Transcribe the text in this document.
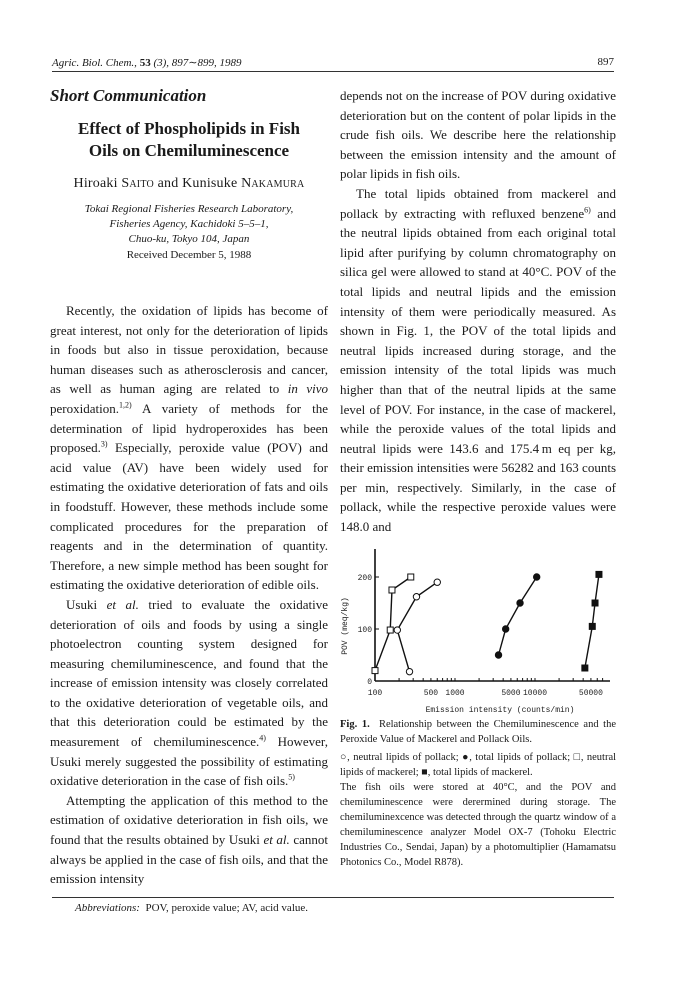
Agric. Biol. Chem., 53 (3), 897∼899, 1989	897
Short Communication
Effect of Phospholipids in Fish
Oils on Chemiluminescence
Hiroaki Saito and Kunisuke Nakamura
Tokai Regional Fisheries Research Laboratory,
Fisheries Agency, Kachidoki 5–5–1,
Chuo-ku, Tokyo 104, Japan
Received December 5, 1988

Recently, the oxidation of lipids has become of great interest, not only for the deterioration of lipids in foods but also in tissue peroxidation, because human diseases such as atherosclerosis and cancer, as well as human aging are related to in vivo peroxidation.$^{1,2)}$ A variety of methods for the determination of lipid hydroperoxides has been proposed.$^{3)}$ Especially, peroxide value (POV) and acid value (AV) have been widely used for estimating the oxidative deterioration of fats and oils in foodstuff. However, these methods include some complicated procedures for the preparation of reagents and in the determination of quantity. Therefore, a new simple method has been sought for estimating the oxidative deterioration of edible oils.

Usuki et al. tried to evaluate the oxidative deterioration of oils and foods by using a single photoelectron counting system designed for measuring chemiluminescence, and found that the increase of emission intensity was closely correlated to the oxidative deterioration of vegetable oils, and that this deterioration could be estimated by the measurement of chemiluminescence.$^{4)}$ However, Usuki merely suggested the possibility of estimating oxidative deterioration in the case of fish oils.$^{5)}$

Attempting the application of this method to the estimation of oxidative deterioration in fish oils, we found that the results obtained by Usuki et al. cannot always be applied in the case of fish oils, and that the emission intensity

depends not on the increase of POV during oxidative deterioration but on the content of polar lipids in the crude fish oils. We describe here the relationship between the emission intensity and the amount of polar lipids in fish oils.

The total lipids obtained from mackerel and pollack by extracting with refluxed benzene$^{6)}$ and the neutral lipids obtained from each original total lipid after purifying by column chromatography on silica gel were allowed to stand at 40°C. POV of the total lipids and neutral lipids and the emission intensity of them were periodically measured. As shown in Fig. 1, the POV of the total lipids and neutral lipids increased during storage, and the emission intensity of the total lipids was much higher than that of the neutral lipids at the same level of POV. For instance, in the case of mackerel, while the peroxide values of the total lipids and neutral lipids were 143.6 and 175.4 m eq per kg, their emission intensities were 56282 and 163 counts per min, respectively. Similarly, in the case of pollack, while the respective peroxide values were 148.0 and

100	500 1000	5000 10000	50000
0
100
200
Emission intensity (counts/min)
POV (meq/kg)

Fig. 1. Relationship between the Chemiluminescence and the Peroxide Value of Mackerel and Pollack Oils.

○, neutral lipids of pollack; ●, total lipids of pollack; □, neutral lipids of mackerel; ■, total lipids of mackerel.

The fish oils were stored at 40°C, and the POV and chemiluminescence were derermined during storage. The chemiluminexcence was detected through the quartz window of a chemiluminescence analyzer Model OX-7 (Tohoku Electric Industries Co., Sendai, Japan) by a photomultiplier (Hamamatsu Photonics Co., Model R878).

Abbreviations: POV, peroxide value; AV, acid value.
